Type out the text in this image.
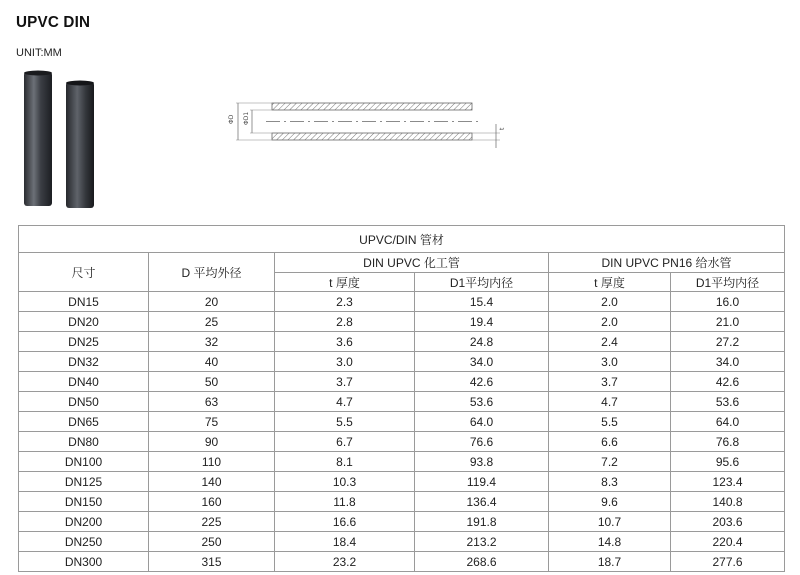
UPVC DIN
UNIT:MM
ΦD ΦD1
t
UPVC/DIN 管材					
尺寸	D 平均外径	DIN UPVC 化工管		DIN UPVC PN16 给水管	
		t 厚度	D1平均内径	t 厚度	D1平均内径
DN15	20	2.3	15.4	2.0	16.0
DN20	25	2.8	19.4	2.0	21.0
DN25	32	3.6	24.8	2.4	27.2
DN32	40	3.0	34.0	3.0	34.0
DN40	50	3.7	42.6	3.7	42.6
DN50	63	4.7	53.6	4.7	53.6
DN65	75	5.5	64.0	5.5	64.0
DN80	90	6.7	76.6	6.6	76.8
DN100	110	8.1	93.8	7.2	95.6
DN125	140	10.3	119.4	8.3	123.4
DN150	160	11.8	136.4	9.6	140.8
DN200	225	16.6	191.8	10.7	203.6
DN250	250	18.4	213.2	14.8	220.4
DN300	315	23.2	268.6	18.7	277.6
